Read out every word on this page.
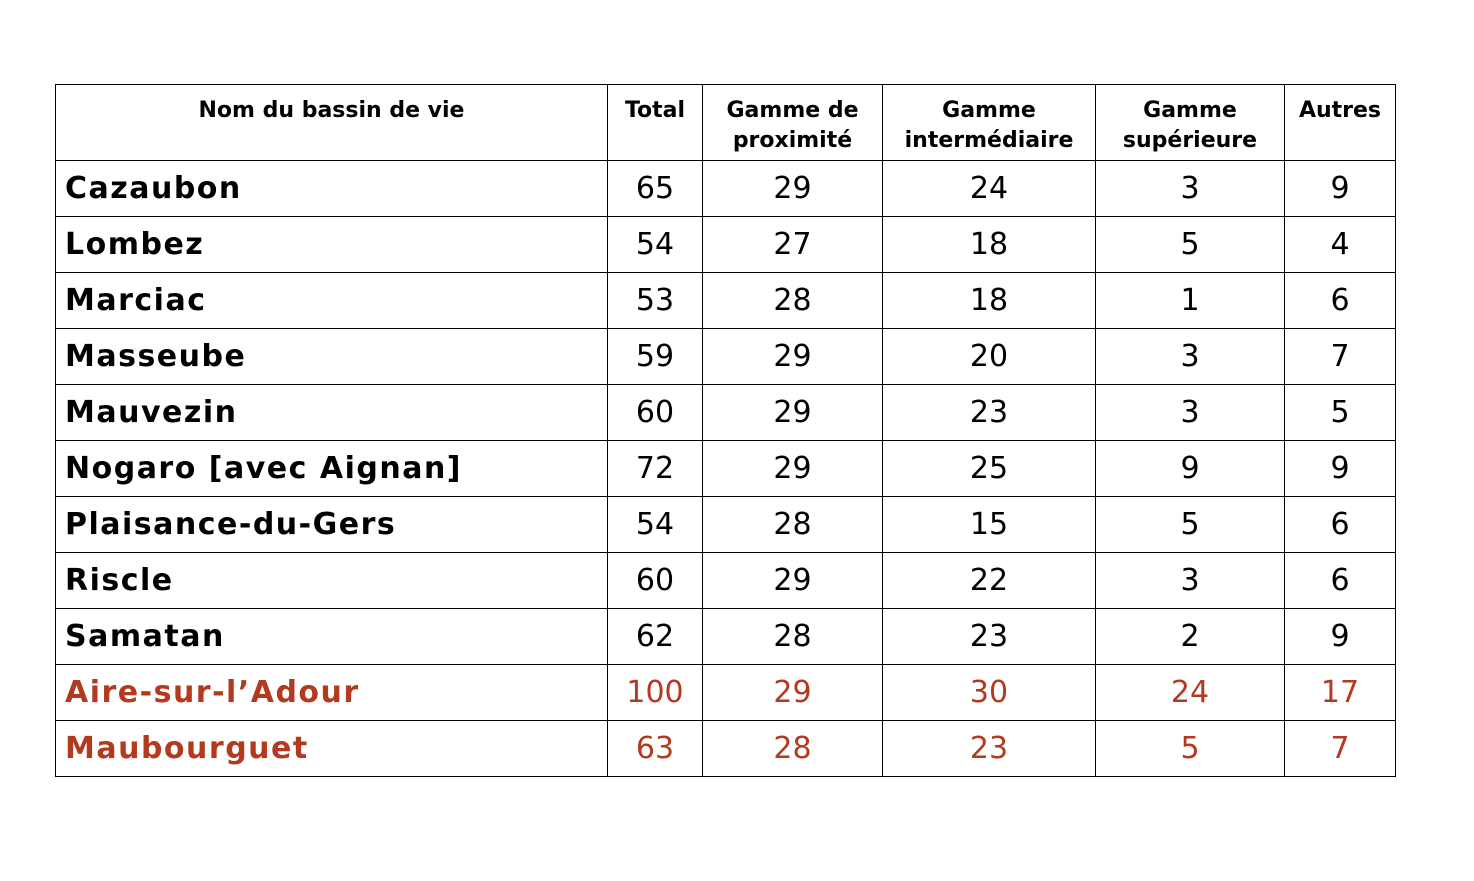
Nom du bassin de vie	Total	Gamme de proximité	Gamme intermédiaire	Gamme supérieure	Autres
Cazaubon	65	29	24	3	9
Lombez	54	27	18	5	4
Marciac	53	28	18	1	6
Masseube	59	29	20	3	7
Mauvezin	60	29	23	3	5
Nogaro [avec Aignan]	72	29	25	9	9
Plaisance-du-Gers	54	28	15	5	6
Riscle	60	29	22	3	6
Samatan	62	28	23	2	9
Aire-sur-l’Adour	100	29	30	24	17
Maubourguet	63	28	23	5	7
